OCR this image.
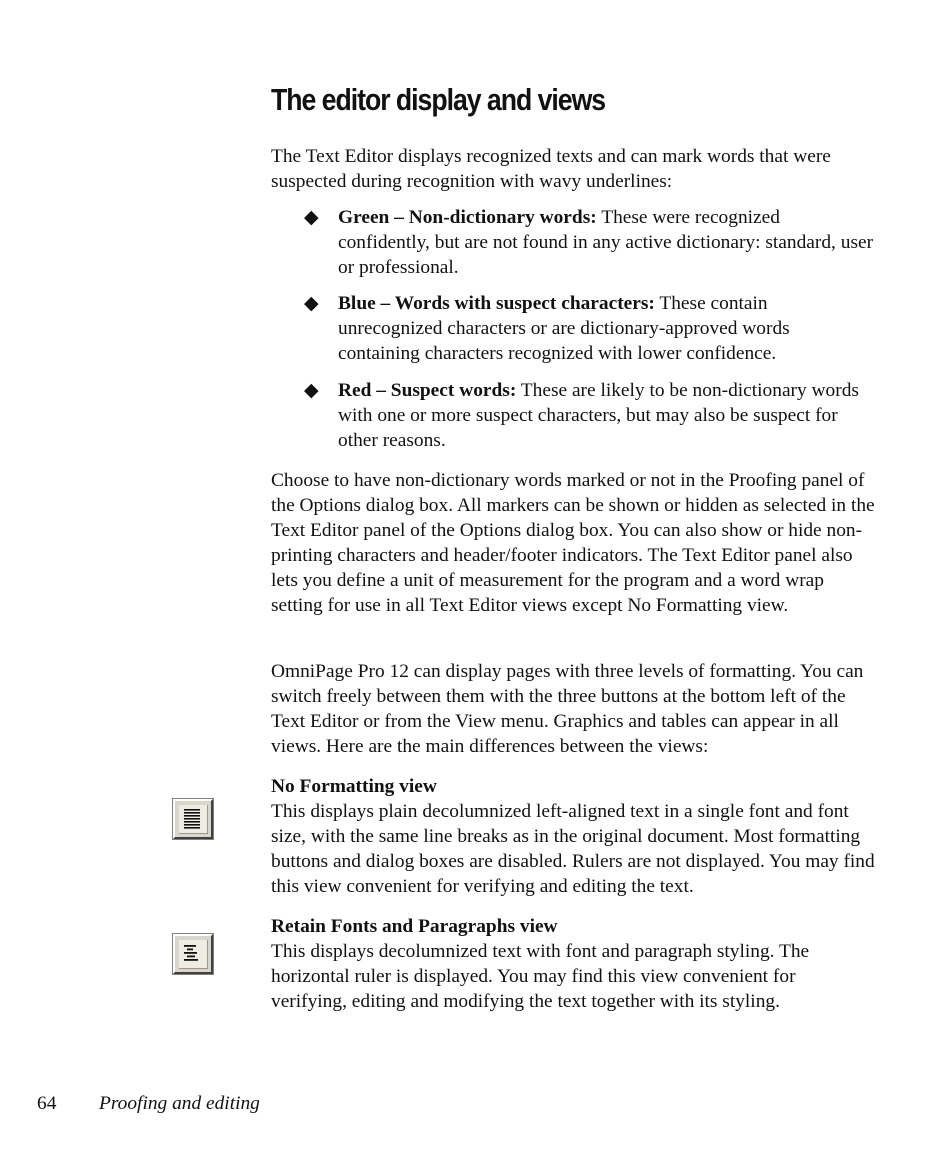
The editor display and views

The Text Editor displays recognized texts and can mark words that were suspected during recognition with wavy underlines:

◆ Green – Non-dictionary words: These were recognized confidently, but are not found in any active dictionary: standard, user or professional.
◆ Blue – Words with suspect characters: These contain unrecognized characters or are dictionary-approved words containing characters recognized with lower confidence.
◆ Red – Suspect words: These are likely to be non-dictionary words with one or more suspect characters, but may also be suspect for other reasons.

Choose to have non-dictionary words marked or not in the Proofing panel of the Options dialog box. All markers can be shown or hidden as selected in the Text Editor panel of the Options dialog box. You can also show or hide non-printing characters and header/footer indicators. The Text Editor panel also lets you define a unit of measurement for the program and a word wrap setting for use in all Text Editor views except No Formatting view.

OmniPage Pro 12 can display pages with three levels of formatting. You can switch freely between them with the three buttons at the bottom left of the Text Editor or from the View menu. Graphics and tables can appear in all views. Here are the main differences between the views:

No Formatting view
This displays plain decolumnized left-aligned text in a single font and font size, with the same line breaks as in the original document. Most formatting buttons and dialog boxes are disabled. Rulers are not displayed. You may find this view convenient for verifying and editing the text.
Retain Fonts and Paragraphs view
This displays decolumnized text with font and paragraph styling. The horizontal ruler is displayed. You may find this view convenient for verifying, editing and modifying the text together with its styling.

64 Proofing and editing
